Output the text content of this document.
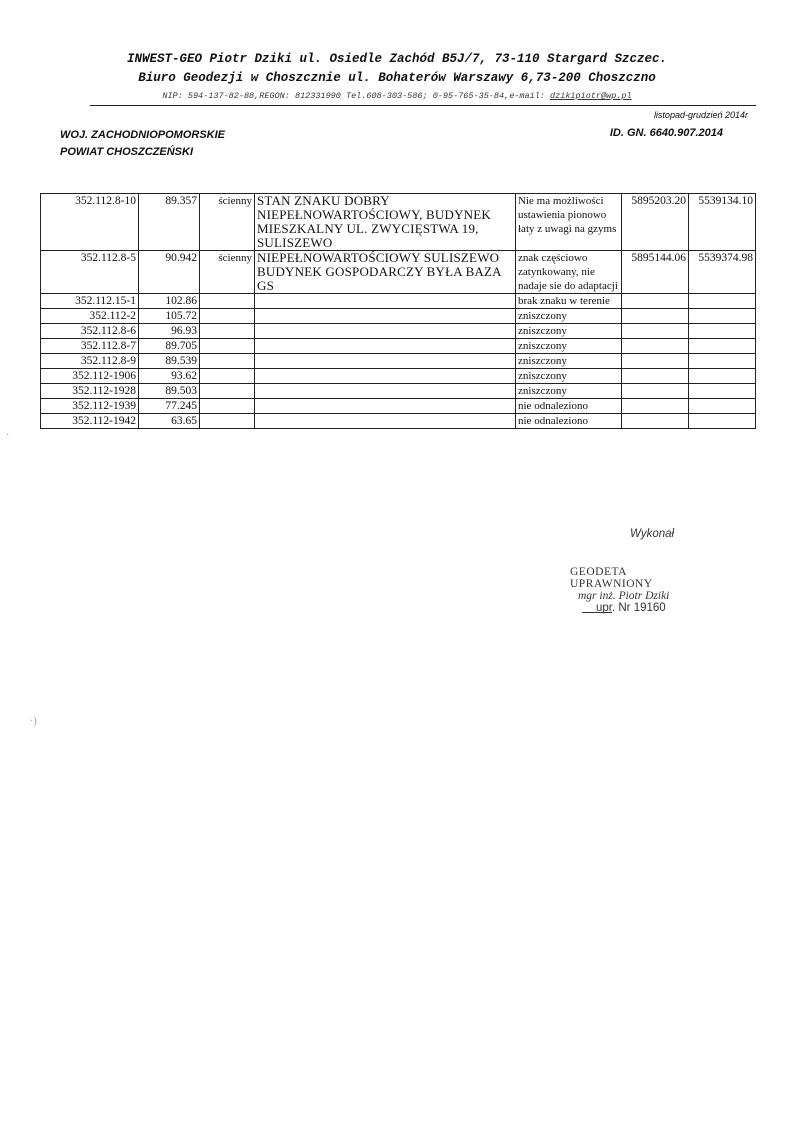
INWEST-GEO Piotr Dziki ul. Osiedle Zachód B5J/7, 73-110 Stargard Szczec.
Biuro Geodezji w Choszcznie ul. Bohaterów Warszawy 6,73-200 Choszczno
NIP: 594-137-82-88,REGON: 812331990 Tel.608-303-586; 0-95-765-35-84,e-mail: dzikipiotr@wp.pl
listopad-grudzień 2014r
WOJ. ZACHODNIOPOMORSKIE
POWIAT CHOSZCZEŃSKI
ID. GN. 6640.907.2014
352.112.8-10	89.357	ścienny	STAN ZNAKU DOBRY NIEPEŁNOWARTOŚCIOWY, BUDYNEK MIESZKALNY UL. ZWYCIĘSTWA 19, SULISZEWO	Nie ma możliwości ustawienia pionowo łaty z uwagi na gzyms	5895203.20	5539134.10
352.112.8-5	90.942	ścienny	NIEPEŁNOWARTOŚCIOWY SULISZEWO BUDYNEK GOSPODARCZY BYŁA BAZA GS	znak częściowo zatynkowany, nie nadaje sie do adaptacji	5895144.06	5539374.98
352.112.15-1	102.86			brak znaku w terenie		
352.112-2	105.72			zniszczony		
352.112.8-6	96.93			zniszczony		
352.112.8-7	89.705			zniszczony		
352.112.8-9	89.539			zniszczony		
352.112-1906	93.62			zniszczony		
352.112-1928	89.503			zniszczony		
352.112-1939	77.245			nie odnaleziono		
352.112-1942	63.65			nie odnaleziono		
Wykonał
GEODETA UPRAWNIONY
mgr inż. Piotr Dziki
upr. Nr 19160
·
·)
